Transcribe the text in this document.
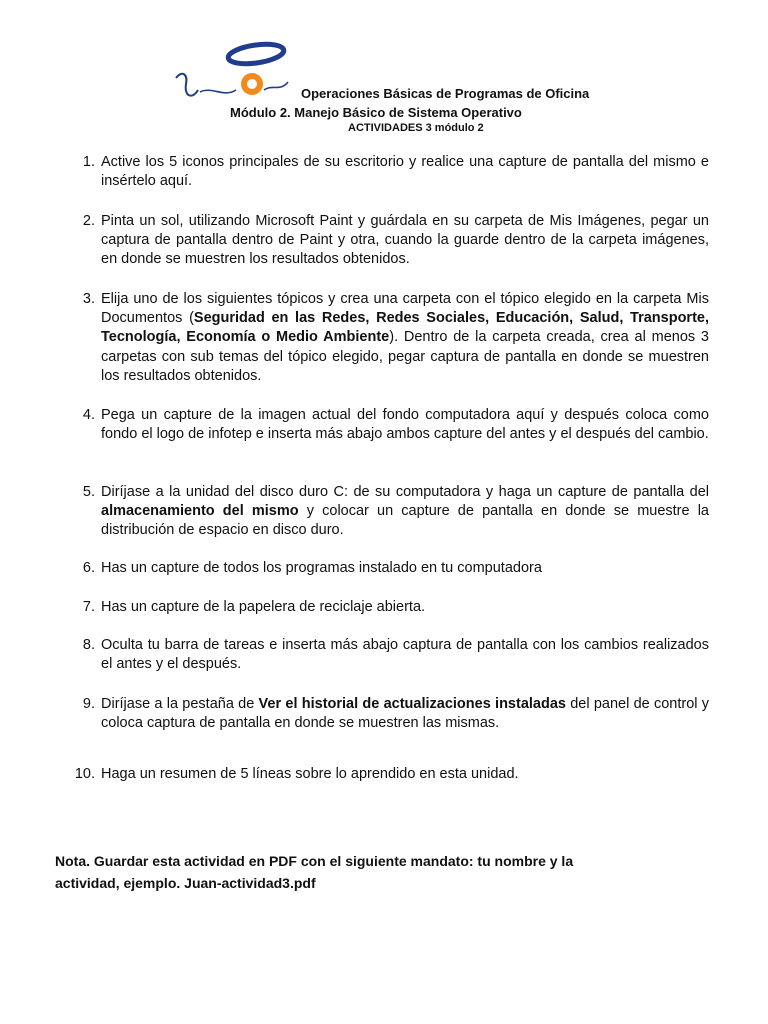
Operaciones Básicas de Programas de Oficina
Módulo 2. Manejo Básico de Sistema Operativo
ACTIVIDADES 3 módulo 2
1. Active los 5 iconos principales de su escritorio y realice una capture de pantalla del mismo e insértelo aquí.
2. Pinta un sol, utilizando Microsoft Paint y guárdala en su carpeta de Mis Imágenes, pegar un captura de pantalla dentro de Paint y otra, cuando la guarde dentro de la carpeta imágenes, en donde se muestren los resultados obtenidos.
3. Elija uno de los siguientes tópicos y crea una carpeta con el tópico elegido en la carpeta Mis Documentos (Seguridad en las Redes, Redes Sociales, Educación, Salud, Transporte, Tecnología, Economía o Medio Ambiente). Dentro de la carpeta creada, crea al menos 3 carpetas con sub temas del tópico elegido, pegar captura de pantalla en donde se muestren los resultados obtenidos.
4. Pega un capture de la imagen actual del fondo computadora aquí y después coloca como fondo el logo de infotep e inserta más abajo ambos capture del antes y el después del cambio.
5. Diríjase a la unidad del disco duro C: de su computadora y haga un capture de pantalla del almacenamiento del mismo y colocar un capture de pantalla en donde se muestre la distribución de espacio en disco duro.
6. Has un capture de todos los programas instalado en tu computadora
7. Has un capture de la papelera de reciclaje abierta.
8. Oculta tu barra de tareas e inserta más abajo captura de pantalla con los cambios realizados el antes y el después.
9. Diríjase a la pestaña de Ver el historial de actualizaciones instaladas del panel de control y coloca captura de pantalla en donde se muestren las mismas.
10. Haga un resumen de 5 líneas sobre lo aprendido en esta unidad.
Nota. Guardar esta actividad en PDF con el siguiente mandato: tu nombre y la
actividad, ejemplo. Juan-actividad3.pdf
